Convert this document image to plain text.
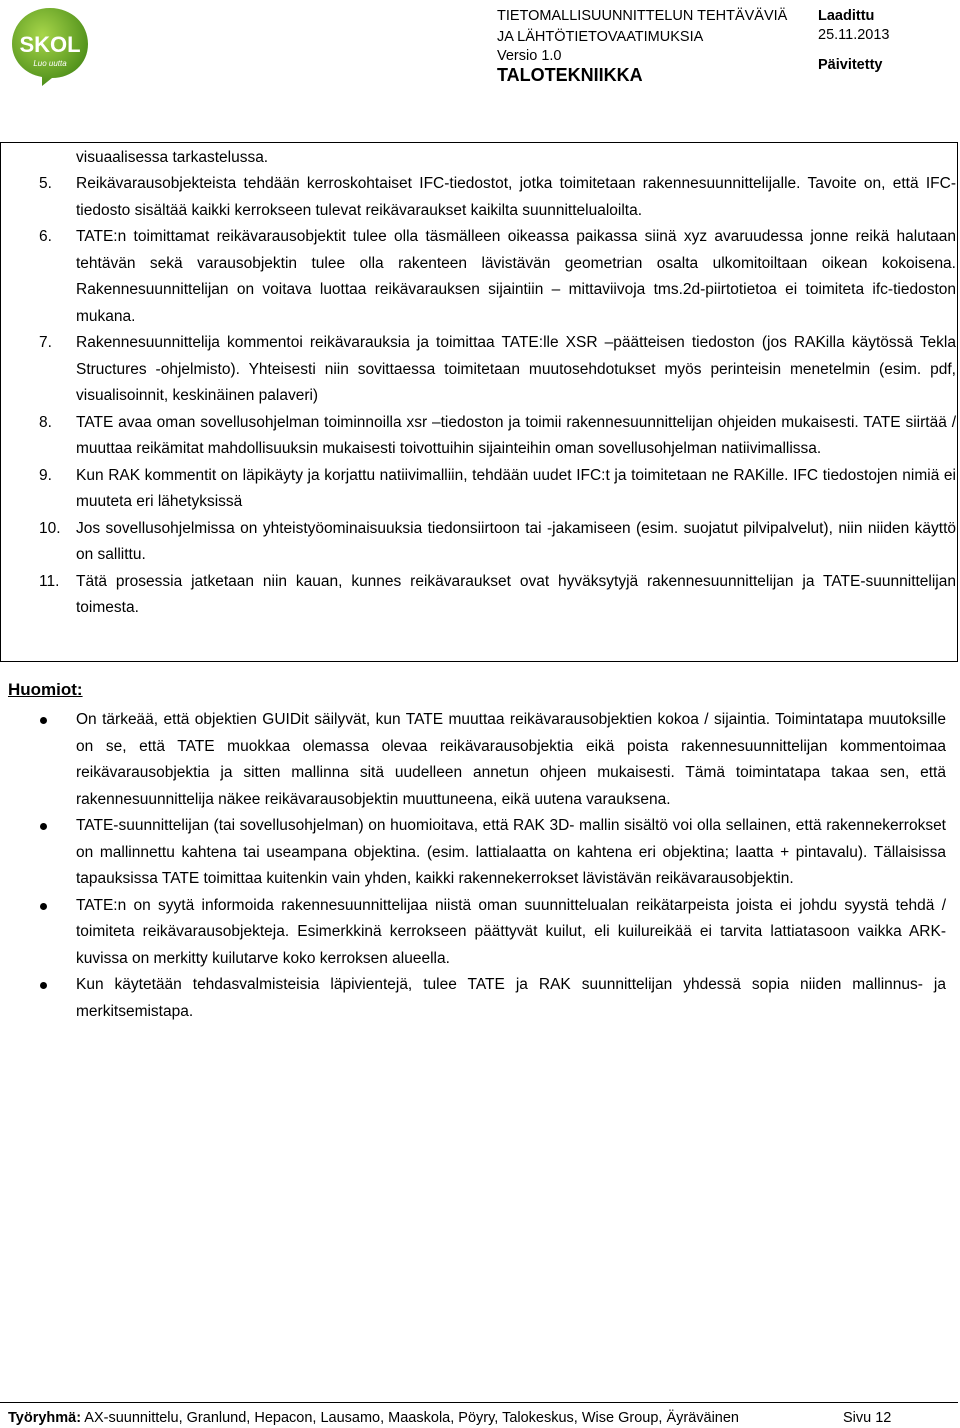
SKOL
Luo uutta
TIETOMALLISUUNNITTELUN TEHTÄVÄVIÄ
JA LÄHTÖTIETOVAATIMUKSIA
Versio 1.0
TALOTEKNIIKKA
Laadittu
25.11.2013
Päivitetty
visuaalisessa tarkastelussa.
5.	Reikävarausobjekteista tehdään kerroskohtaiset IFC-tiedostot, jotka toimitetaan rakennesuunnittelijalle. Tavoite on, että IFC-tiedosto sisältää kaikki kerrokseen tulevat reikävaraukset kaikilta suunnittelualoilta.
6.	TATE:n toimittamat reikävarausobjektit tulee olla täsmälleen oikeassa paikassa siinä xyz avaruudessa jonne reikä halutaan tehtävän sekä varausobjektin tulee olla rakenteen lävistävän geometrian osalta ulkomitoiltaan oikean kokoisena. Rakennesuunnittelijan on voitava luottaa reikävarauksen sijaintiin – mittaviivoja tms.2d-piirtotietoa ei toimiteta ifc-tiedoston mukana.
7.	Rakennesuunnittelija kommentoi reikävarauksia ja toimittaa TATE:lle XSR –päätteisen tiedoston (jos RAKilla käytössä Tekla Structures -ohjelmisto). Yhteisesti niin sovittaessa toimitetaan muutosehdotukset myös perinteisin menetelmin (esim. pdf, visualisoinnit, keskinäinen palaveri)
8.	TATE avaa oman sovellusohjelman toiminnoilla xsr –tiedoston ja toimii rakennesuunnittelijan ohjeiden mukaisesti. TATE siirtää / muuttaa reikämitat mahdollisuuksin mukaisesti toivottuihin sijainteihin oman sovellusohjelman natiivimallissa.
9.	Kun RAK kommentit on läpikäyty ja korjattu natiivimalliin, tehdään uudet IFC:t ja toimitetaan ne RAKille. IFC tiedostojen nimiä ei muuteta eri lähetyksissä
10. Jos sovellusohjelmissa on yhteistyöominaisuuksia tiedonsiirtoon tai -jakamiseen (esim. suojatut pilvipalvelut), niin niiden käyttö on sallittu.
11.	Tätä prosessia jatketaan niin kauan, kunnes reikävaraukset ovat hyväksytyjä rakennesuunnittelijan ja TATE-suunnittelijan toimesta.
Huomiot:
On tärkeää, että objektien GUIDit säilyvät, kun TATE muuttaa reikävarausobjektien kokoa / sijaintia. Toimintatapa muutoksille on se, että TATE muokkaa olemassa olevaa reikävarausobjektia eikä poista rakennesuunnittelijan kommentoimaa reikävarausobjektia ja sitten mallinna sitä uudelleen annetun ohjeen mukaisesti. Tämä toimintatapa takaa sen, että rakennesuunnittelija näkee reikävarausobjektin muuttuneena, eikä uutena varauksena.
TATE-suunnittelijan (tai sovellusohjelman) on huomioitava, että RAK 3D- mallin sisältö voi olla sellainen, että rakennekerrokset on mallinnettu kahtena tai useampana objektina. (esim. lattialaatta on kahtena eri objektina; laatta + pintavalu). Tällaisissa tapauksissa TATE toimittaa kuitenkin vain yhden, kaikki rakennekerrokset lävistävän reikävarausobjektin.
TATE:n on syytä informoida rakennesuunnittelijaa niistä oman suunnittelualan reikätarpeista joista ei johdu syystä tehdä / toimiteta reikävarausobjekteja. Esimerkkinä kerrokseen päättyvät kuilut, eli kuilureikää ei tarvita lattiatasoon vaikka ARK-kuvissa on merkitty kuilutarve koko kerroksen alueella.
Kun käytetään tehdasvalmisteisia läpivientejä, tulee TATE ja RAK suunnittelijan yhdessä sopia niiden mallinnus- ja merkitsemistapa.
Työryhmä: AX-suunnittelu, Granlund, Hepacon, Lausamo, Maaskola, Pöyry, Talokeskus, Wise Group, Äyräväinen	Sivu 12
